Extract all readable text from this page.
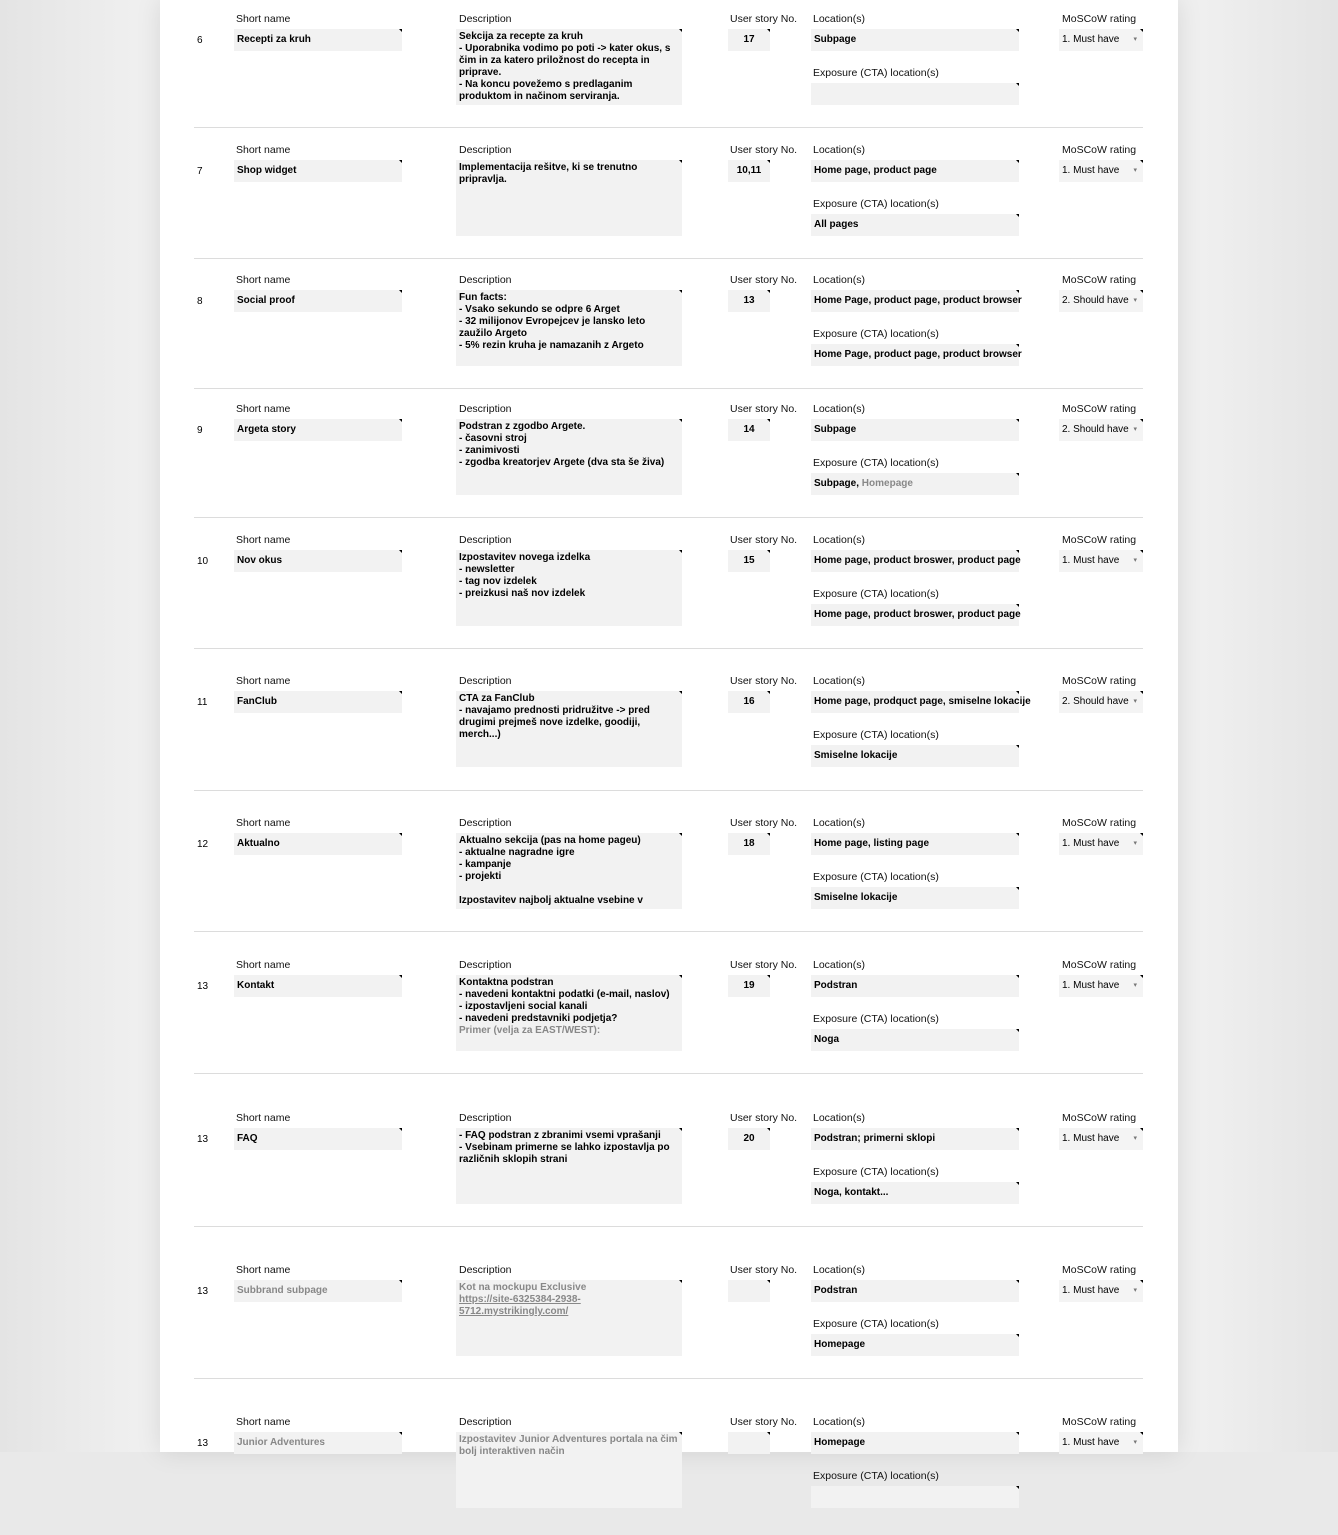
6
Short name
Recepti za kruh
Description
Sekcija za recepte za kruh
- Uporabnika vodimo po poti -> kater okus, s čim in za katero priložnost do recepta in priprave.
- Na koncu povežemo s predlaganim produktom in načinom serviranja.
User story No.
17
Location(s)
Subpage
Exposure (CTA) location(s)
MoSCoW rating
1. Must have ▾
7
Short name
Shop widget
Description
Implementacija rešitve, ki se trenutno pripravlja.
User story No.
10,11
Location(s)
Home page, product page
Exposure (CTA) location(s)
All pages
MoSCoW rating
1. Must have ▾
8
Short name
Social proof
Description
Fun facts:
- Vsako sekundo se odpre 6 Arget
- 32 milijonov Evropejcev je lansko leto zaužilo Argeto
- 5% rezin kruha je namazanih z Argeto
User story No.
13
Location(s)
Home Page, product page, product browser
Exposure (CTA) location(s)
Home Page, product page, product browser
MoSCoW rating
2. Should have ▾
9
Short name
Argeta story
Description
Podstran z zgodbo Argete.
- časovni stroj
- zanimivosti
- zgodba kreatorjev Argete (dva sta še živa)
User story No.
14
Location(s)
Subpage
Exposure (CTA) location(s)
Subpage, Homepage
MoSCoW rating
2. Should have ▾
10
Short name
Nov okus
Description
Izpostavitev novega izdelka
- newsletter
- tag nov izdelek
- preizkusi naš nov izdelek
User story No.
15
Location(s)
Home page, product broswer, product page
Exposure (CTA) location(s)
Home page, product broswer, product page
MoSCoW rating
1. Must have ▾
11
Short name
FanClub
Description
CTA za FanClub
- navajamo prednosti pridružitve -> pred drugimi prejmeš nove izdelke, goodiji, merch...)
User story No.
16
Location(s)
Home page, prodquct page, smiselne lokacije
Exposure (CTA) location(s)
Smiselne lokacije
MoSCoW rating
2. Should have ▾
12
Short name
Aktualno
Description
Aktualno sekcija (pas na home pageu)
- aktualne nagradne igre
- kampanje
- projekti

Izpostavitev najbolj aktualne vsebine v
User story No.
18
Location(s)
Home page, listing page
Exposure (CTA) location(s)
Smiselne lokacije
MoSCoW rating
1. Must have ▾
13
Short name
Kontakt
Description
Kontaktna podstran
- navedeni kontaktni podatki (e-mail, naslov)
- izpostavljeni social kanali
- navedeni predstavniki podjetja?
Primer (velja za EAST/WEST):
User story No.
19
Location(s)
Podstran
Exposure (CTA) location(s)
Noga
MoSCoW rating
1. Must have ▾
13
Short name
FAQ
Description
- FAQ podstran z zbranimi vsemi vprašanji
- Vsebinam primerne se lahko izpostavlja po različnih sklopih strani
User story No.
20
Location(s)
Podstran; primerni sklopi
Exposure (CTA) location(s)
Noga, kontakt...
MoSCoW rating
1. Must have ▾
13
Short name
Subbrand subpage
Description
Kot na mockupu Exclusive
https://site-6325384-2938-5712.mystrikingly.com/
User story No. Location(s)
Podstran
Exposure (CTA) location(s)
Homepage
MoSCoW rating
1. Must have ▾
13
Short name
Junior Adventures
Description
Izpostavitev Junior Adventures portala na čim bolj interaktiven način
User story No. Location(s)
Homepage
Exposure (CTA) location(s)
MoSCoW rating
1. Must have ▾
